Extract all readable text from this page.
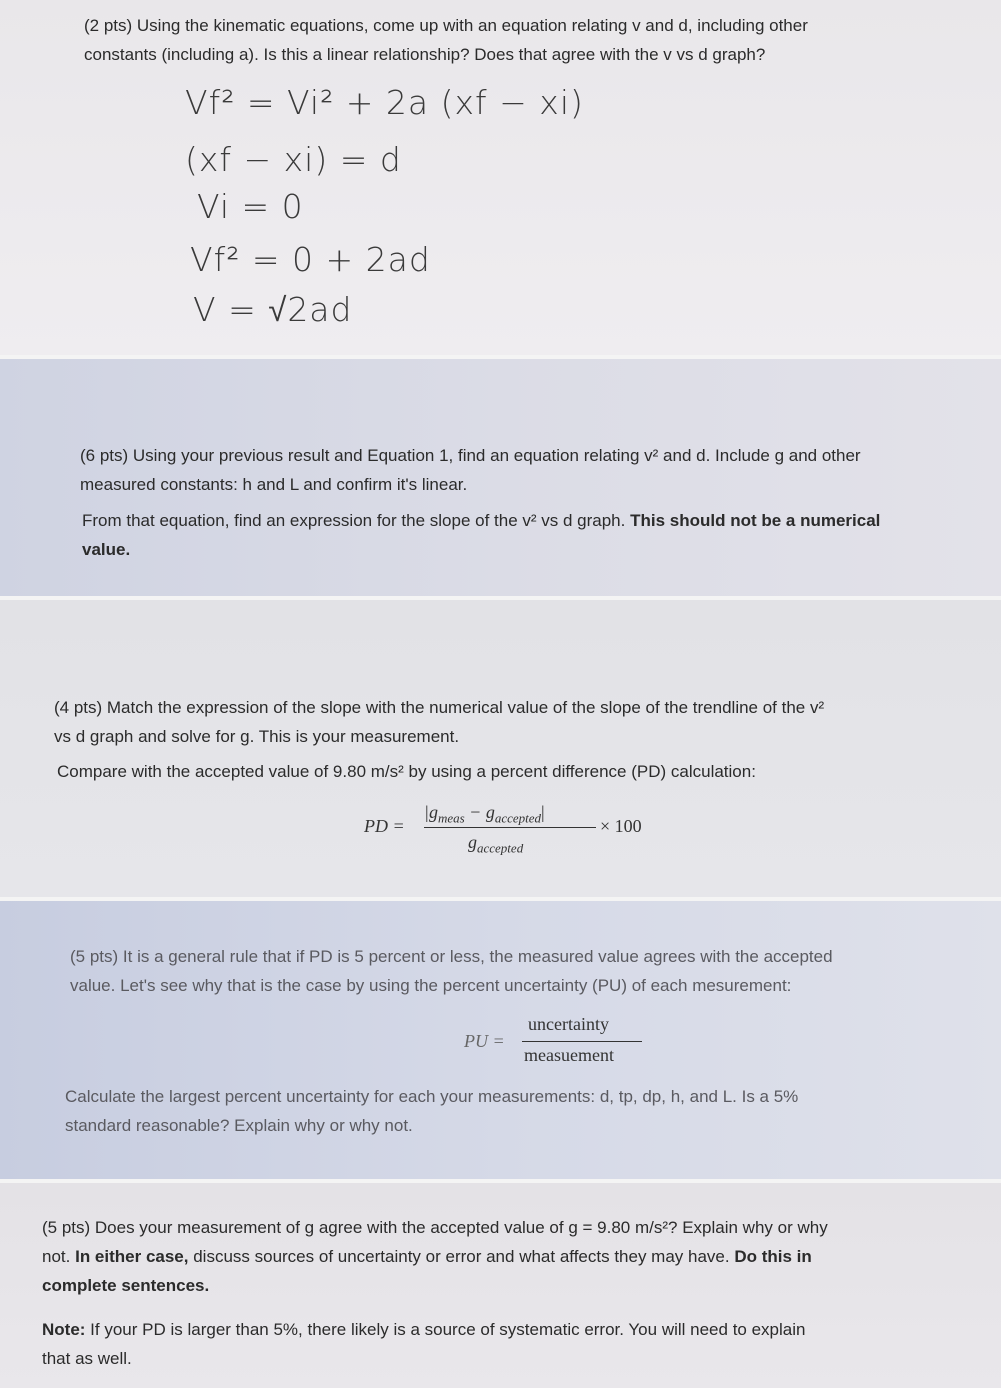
(2 pts) Using the kinematic equations, come up with an equation relating v and d, including other
constants (including a). Is this a linear relationship? Does that agree with the v vs d graph?
Vf² = Vi² + 2a (xf − xi)
(xf − xi) = d
Vi = 0
Vf² = 0 + 2ad
V = √2ad
(6 pts) Using your previous result and Equation 1, find an equation relating v² and d. Include g and other
measured constants: h and L and confirm it's linear.
From that equation, find an expression for the slope of the v² vs d graph. This should not be a numerical
value.
(4 pts) Match the expression of the slope with the numerical value of the slope of the trendline of the v²
vs d graph and solve for g. This is your measurement.
Compare with the accepted value of 9.80 m/s² by using a percent difference (PD) calculation:
PD =
$|g_{meas} - g_{accepted}|$
$g_{accepted}$
× 100
(5 pts) It is a general rule that if PD is 5 percent or less, the measured value agrees with the accepted
value. Let's see why that is the case by using the percent uncertainty (PU) of each mesurement:
PU =
uncertainty
measuement
Calculate the largest percent uncertainty for each your measurements: d, tp, dp, h, and L. Is a 5%
standard reasonable? Explain why or why not.
(5 pts) Does your measurement of g agree with the accepted value of g = 9.80 m/s²? Explain why or why
not. In either case, discuss sources of uncertainty or error and what affects they may have. Do this in
complete sentences.
Note: If your PD is larger than 5%, there likely is a source of systematic error. You will need to explain
that as well.
